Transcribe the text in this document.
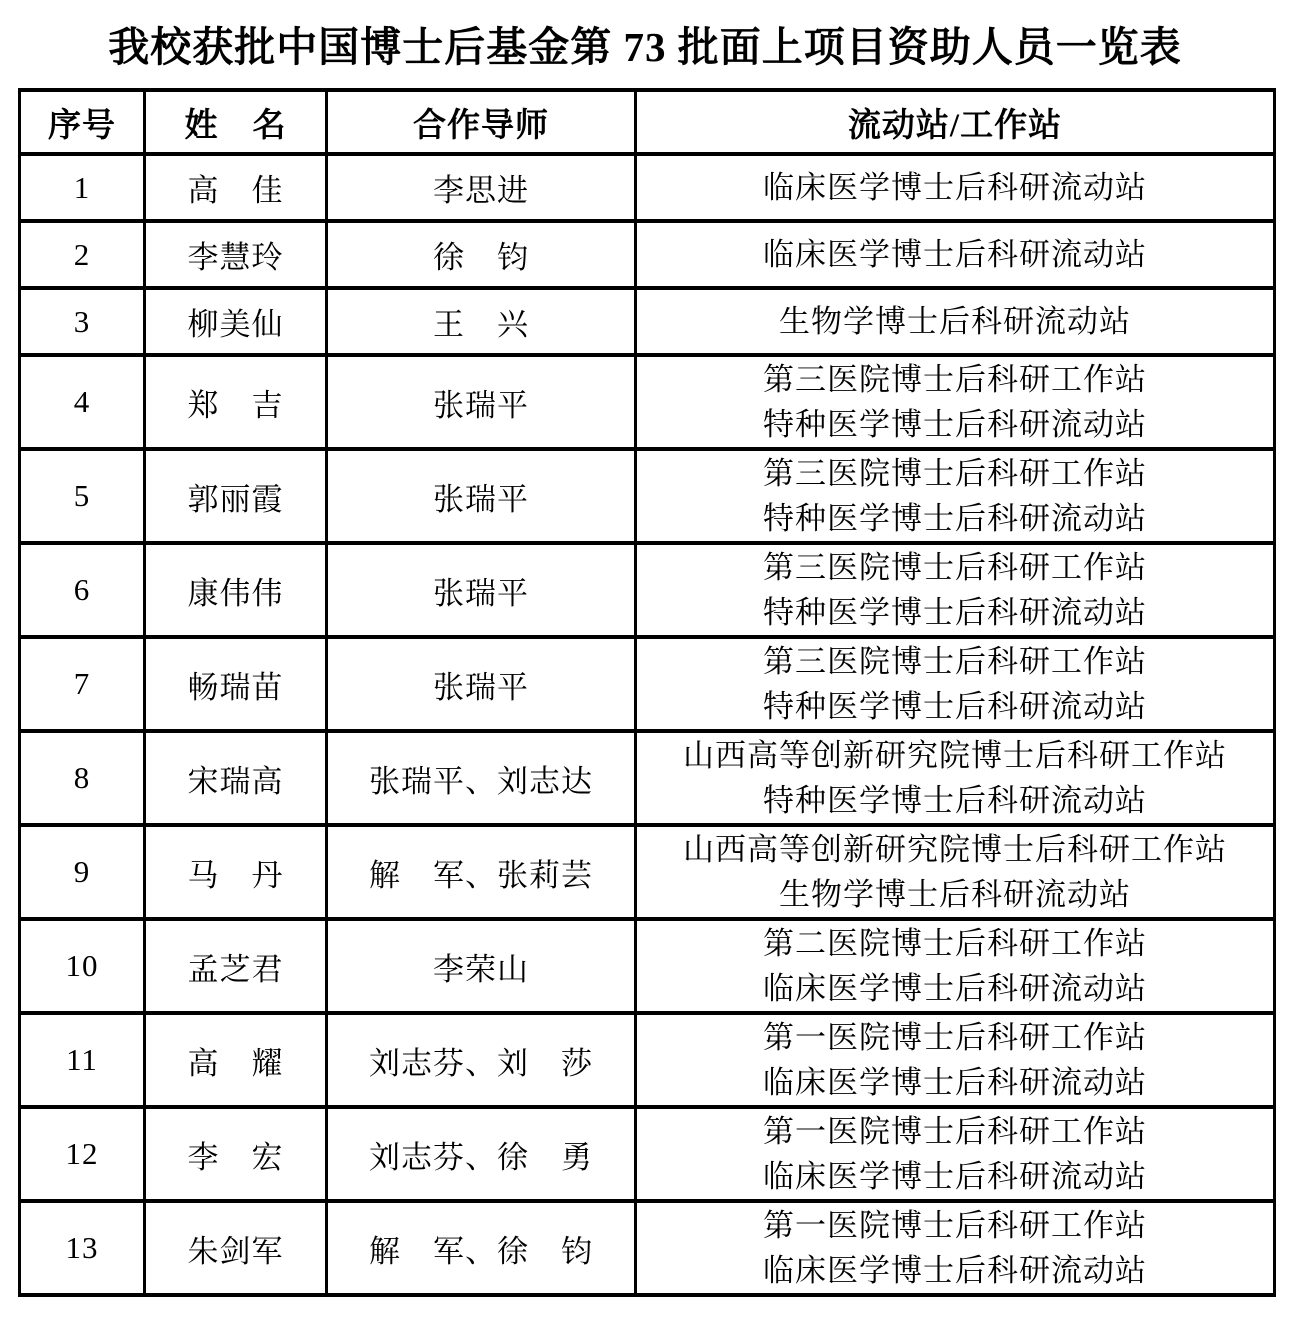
我校获批中国博士后基金第 73 批面上项目资助人员一览表
序号	姓　名	合作导师	流动站/工作站
1	高　佳	李思进	临床医学博士后科研流动站

2	李慧玲	徐　钧	临床医学博士后科研流动站

3	柳美仙	王　兴	生物学博士后科研流动站

4	郑　吉	张瑞平	第三医院博士后科研工作站
特种医学博士后科研流动站

5	郭丽霞	张瑞平	第三医院博士后科研工作站
特种医学博士后科研流动站

6	康伟伟	张瑞平	第三医院博士后科研工作站
特种医学博士后科研流动站

7	畅瑞苗	张瑞平	第三医院博士后科研工作站
特种医学博士后科研流动站

8	宋瑞高	张瑞平、刘志达	山西高等创新研究院博士后科研工作站
特种医学博士后科研流动站

9	马　丹	解　军、张莉芸	山西高等创新研究院博士后科研工作站
生物学博士后科研流动站

10	孟芝君	李荣山	第二医院博士后科研工作站
临床医学博士后科研流动站

11	高　耀	刘志芬、刘　莎	第一医院博士后科研工作站
临床医学博士后科研流动站

12	李　宏	刘志芬、徐　勇	第一医院博士后科研工作站
临床医学博士后科研流动站

13	朱剑军	解　军、徐　钧	第一医院博士后科研工作站
临床医学博士后科研流动站
